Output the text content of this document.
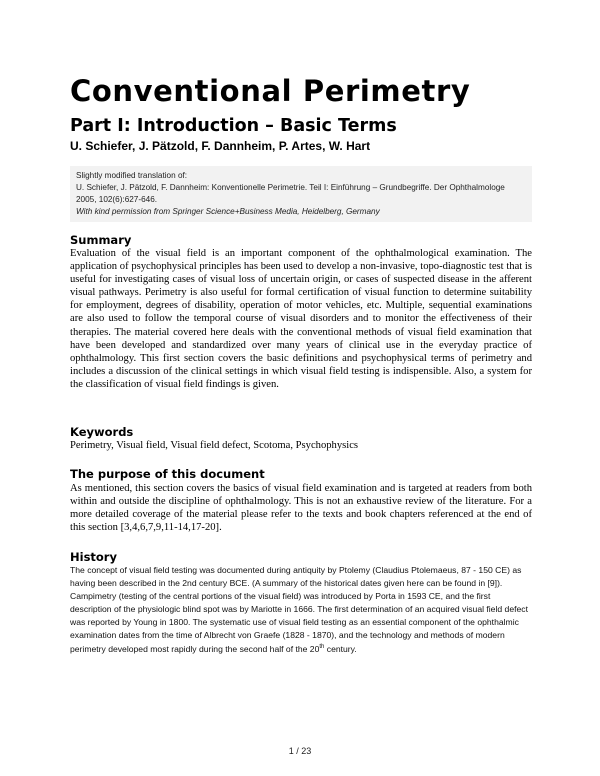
Conventional Perimetry
Part I: Introduction – Basic Terms

U. Schiefer, J. Pätzold, F. Dannheim, P. Artes, W. Hart

Slightly modified translation of:

U. Schiefer, J. Pätzold, F. Dannheim: Konventionelle Perimetrie. Teil I: Einführung – Grundbegriffe. Der Ophthalmologe 2005, 102(6):627-646.

With kind permission from Springer Science+Business Media, Heidelberg, Germany

Summary

Evaluation of the visual field is an important component of the ophthalmological examination. The application of psychophysical principles has been used to develop a non-invasive, topo-diagnostic test that is useful for investigating cases of visual loss of uncertain origin, or cases of suspected disease in the afferent visual pathways. Perimetry is also useful for formal certification of visual function to determine suitability for employment, degrees of disability, operation of motor vehicles, etc. Multiple, sequential examinations are also used to follow the temporal course of visual disorders and to monitor the effectiveness of their therapies. The material covered here deals with the conventional methods of visual field examination that have been developed and standardized over many years of clinical use in the everyday practice of ophthalmology. This first section covers the basic definitions and psychophysical terms of perimetry and includes a discussion of the clinical settings in which visual field testing is indispensible. Also, a system for the classification of visual field findings is given.

Keywords

Perimetry, Visual field, Visual field defect, Scotoma, Psychophysics

The purpose of this document

As mentioned, this section covers the basics of visual field examination and is targeted at readers from both within and outside the discipline of ophthalmology. This is not an exhaustive review of the literature. For a more detailed coverage of the material please refer to the texts and book chapters referenced at the end of this section [3,4,6,7,9,11-14,17-20].

History

The concept of visual field testing was documented during antiquity by Ptolemy (Claudius Ptolemaeus, 87 - 150 CE) as having been described in the 2nd century BCE. (A summary of the historical dates given here can be found in [9]). Campimetry (testing of the central portions of the visual field) was introduced by Porta in 1593 CE, and the first description of the physiologic blind spot was by Mariotte in 1666. The first determination of an acquired visual field defect was reported by Young in 1800. The systematic use of visual field testing as an essential component of the ophthalmic examination dates from the time of Albrecht von Graefe (1828 - 1870), and the technology and methods of modern perimetry developed most rapidly during the second half of the 20th century.

1 / 23
